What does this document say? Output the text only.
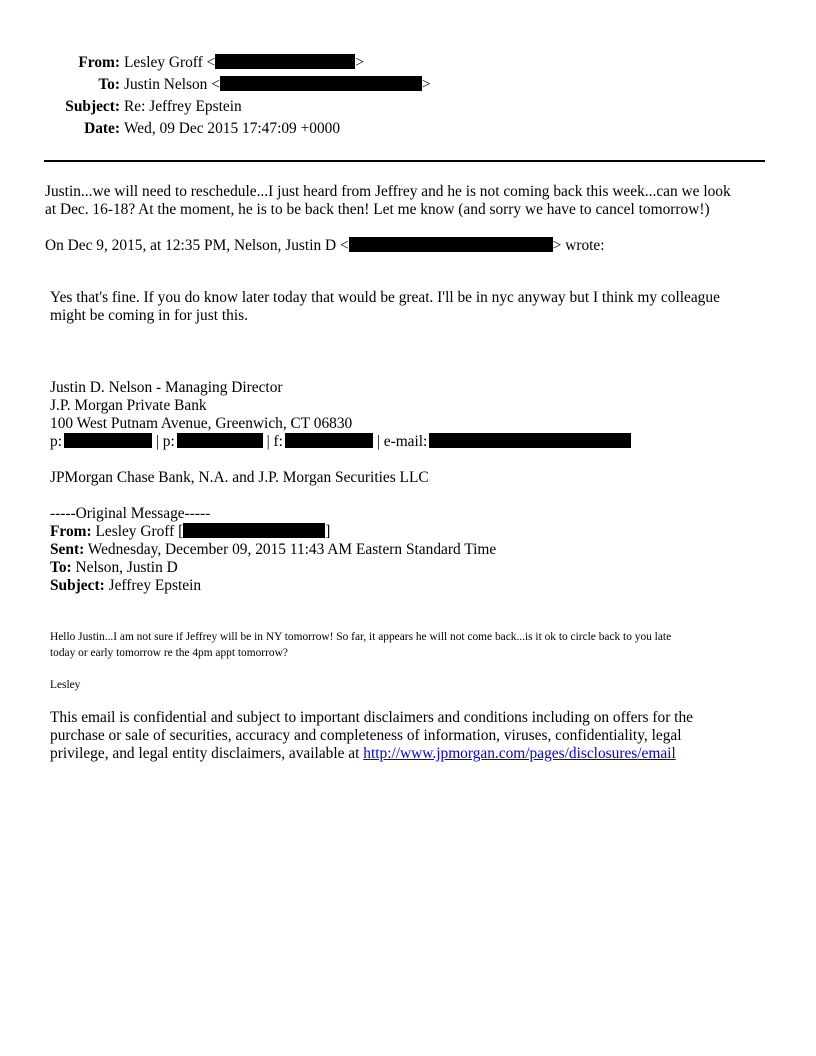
From: Lesley Groff <	>
To: Justin Nelson <	>
Subject: Re: Jeffrey Epstein
Date: Wed, 09 Dec 2015 17:47:09 +0000
Justin...we will need to reschedule...I just heard from Jeffrey and he is not coming back this week...can we look
at Dec. 16-18? At the moment, he is to be back then! Let me know (and sorry we have to cancel tomorrow!)
On Dec 9, 2015, at 12:35 PM, Nelson, Justin D <	> wrote:
Yes that's fine. If you do know later today that would be great. I'll be in nyc anyway but I think my colleague
might be coming in for just this.
Justin D. Nelson - Managing Director
J.P. Morgan Private Bank
100 West Putnam Avenue, Greenwich, CT 06830
p:	| p:	| f:	| e-mail:
JPMorgan Chase Bank, N.A. and J.P. Morgan Securities LLC
-----Original Message-----
From: Lesley Groff [	]
Sent: Wednesday, December 09, 2015 11:43 AM Eastern Standard Time
To: Nelson, Justin D
Subject: Jeffrey Epstein
Hello Justin...I am not sure if Jeffrey will be in NY tomorrow! So far, it appears he will not come back...is it ok to circle back to you late
today or early tomorrow re the 4pm appt tomorrow?
Lesley
This email is confidential and subject to important disclaimers and conditions including on offers for the
purchase or sale of securities, accuracy and completeness of information, viruses, confidentiality, legal
privilege, and legal entity disclaimers, available at http://www.jpmorgan.com/pages/disclosures/email
